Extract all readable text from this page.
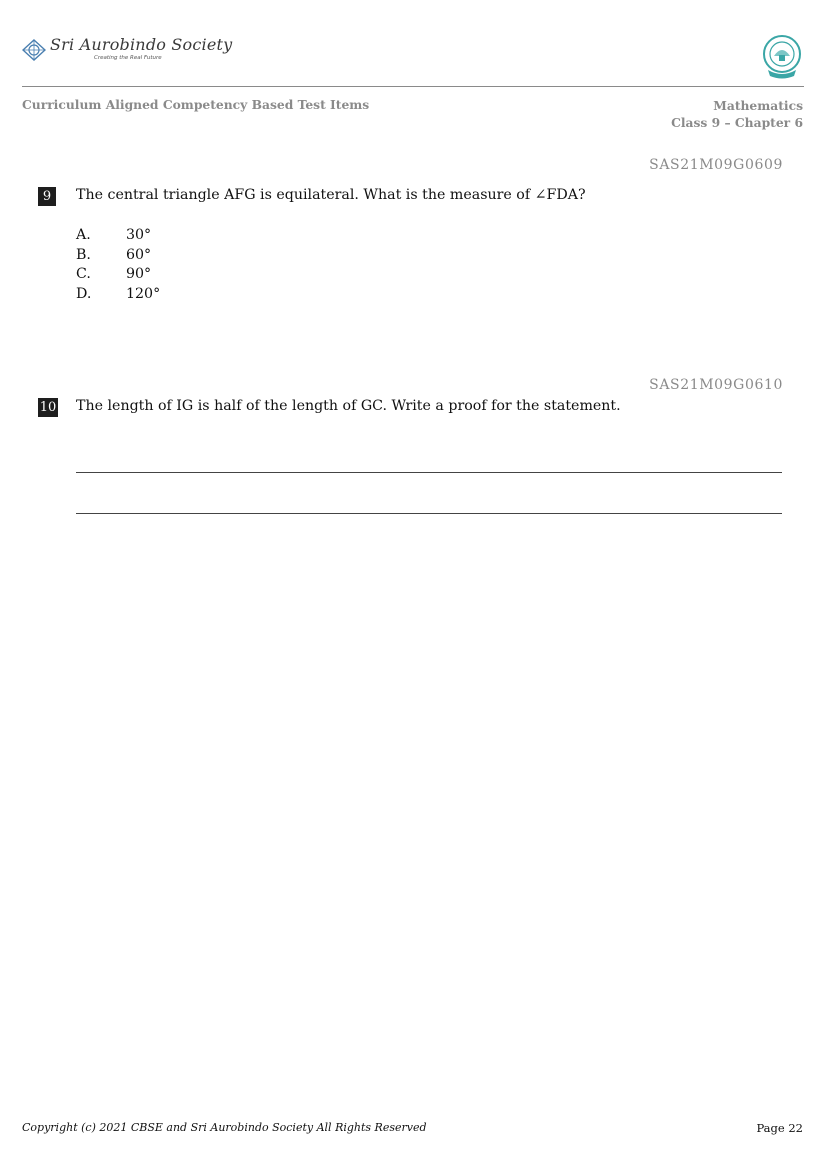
Sri Aurobindo Society
Creating the Real Future
Curriculum Aligned Competency Based Test Items	Mathematics
Class 9 – Chapter 6
SAS21M09G0609
9	The central triangle AFG is equilateral. What is the measure of ∠FDA?
A.	30°
B.	60°
C.	90°
D.	120°
SAS21M09G0610
10 The length of IG is half of the length of GC. Write a proof for the statement.
Copyright (c) 2021 CBSE and Sri Aurobindo Society All Rights Reserved	Page 22
